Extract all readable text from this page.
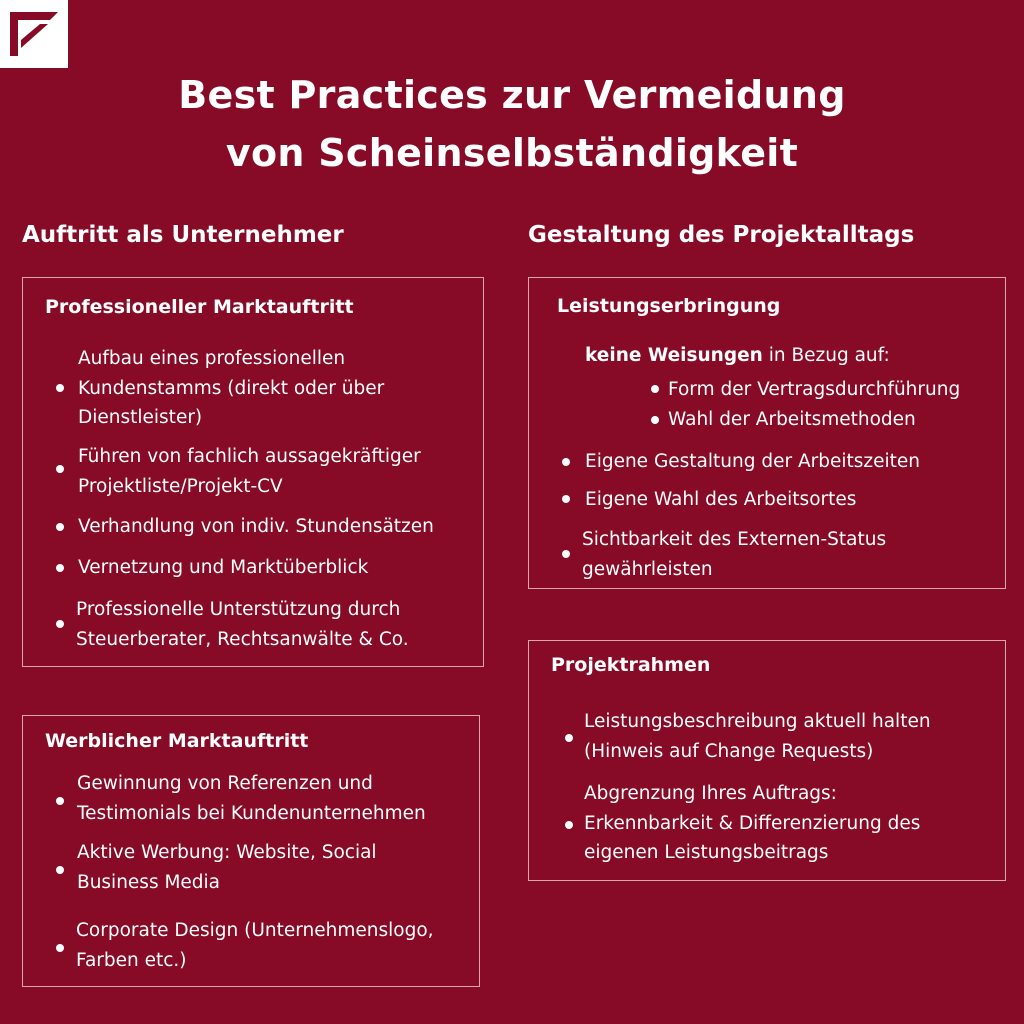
Best Practices zur Vermeidung
von Scheinselbständigkeit
Auftritt als Unternehmer
Professioneller Marktauftritt
Aufbau eines professionellen Kundenstamms (direkt oder über Dienstleister)
Führen von fachlich aussagekräftiger Projektliste/Projekt-CV
Verhandlung von indiv. Stundensätzen
Vernetzung und Marktüberblick
Professionelle Unterstützung durch Steuerberater, Rechtsanwälte & Co.
Werblicher Marktauftritt
Gewinnung von Referenzen und Testimonials bei Kundenunternehmen
Aktive Werbung: Website, Social Business Media
Corporate Design (Unternehmenslogo, Farben etc.)
Gestaltung des Projektalltags
Leistungserbringung
keine Weisungen in Bezug auf:
Form der Vertragsdurchführung
Wahl der Arbeitsmethoden
Eigene Gestaltung der Arbeitszeiten
Eigene Wahl des Arbeitsortes
Sichtbarkeit des Externen-Status gewährleisten
Projektrahmen
Leistungsbeschreibung aktuell halten (Hinweis auf Change Requests)
Abgrenzung Ihres Auftrags: Erkennbarkeit & Differenzierung des eigenen Leistungsbeitrags
